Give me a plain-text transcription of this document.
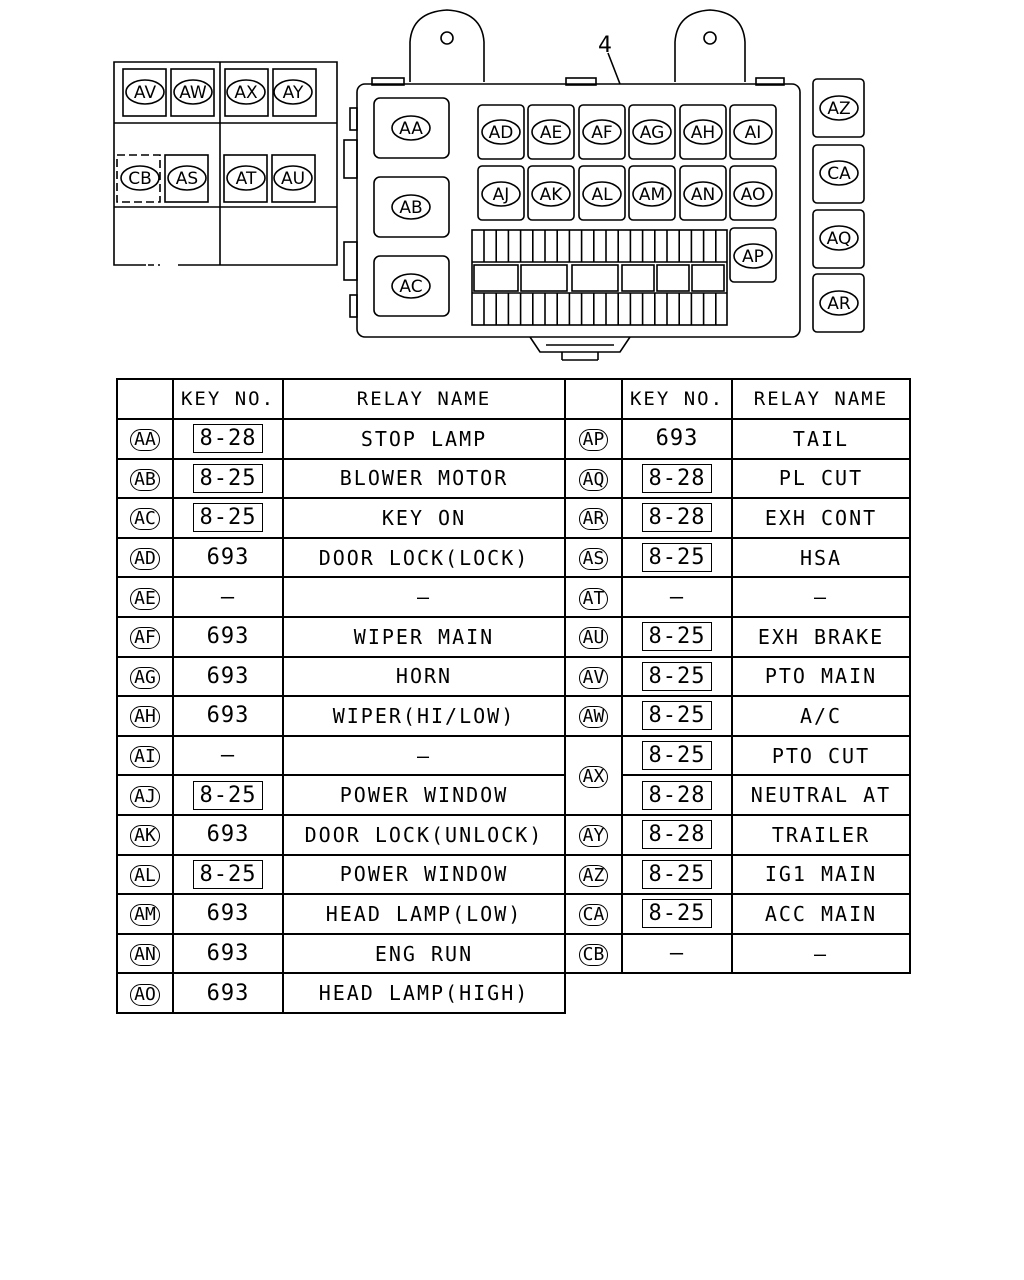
AV AW AX AY
CB AS AT AU
AA
AB
AC
AD AE AF AG AH AI
AJ AK AL AM AN AO
AP
AZ
CA
AQ
AR
4
	KEY NO.	RELAY NAME		KEY NO.	RELAY NAME
AA	8-28	STOP LAMP	AP	693	TAIL
AB	8-25	BLOWER MOTOR	AQ	8-28	PL CUT
AC	8-25	KEY ON	AR	8-28	EXH CONT
AD	693	DOOR LOCK(LOCK)	AS	8-25	HSA
AE	—	—	AT	—	—
AF	693	WIPER MAIN	AU	8-25	EXH BRAKE
AG	693	HORN	AV	8-25	PTO MAIN
AH	693	WIPER(HI/LOW)	AW	8-25	A/C
AI	—	—	AX	8-25	PTO CUT
AJ	8-25	POWER WINDOW		8-28	NEUTRAL AT
AK	693	DOOR LOCK(UNLOCK)	AY	8-28	TRAILER
AL	8-25	POWER WINDOW	AZ	8-25	IG1 MAIN
AM	693	HEAD LAMP(LOW)	CA	8-25	ACC MAIN
AN	693	ENG RUN	CB	—	—
AO	693	HEAD LAMP(HIGH)			
